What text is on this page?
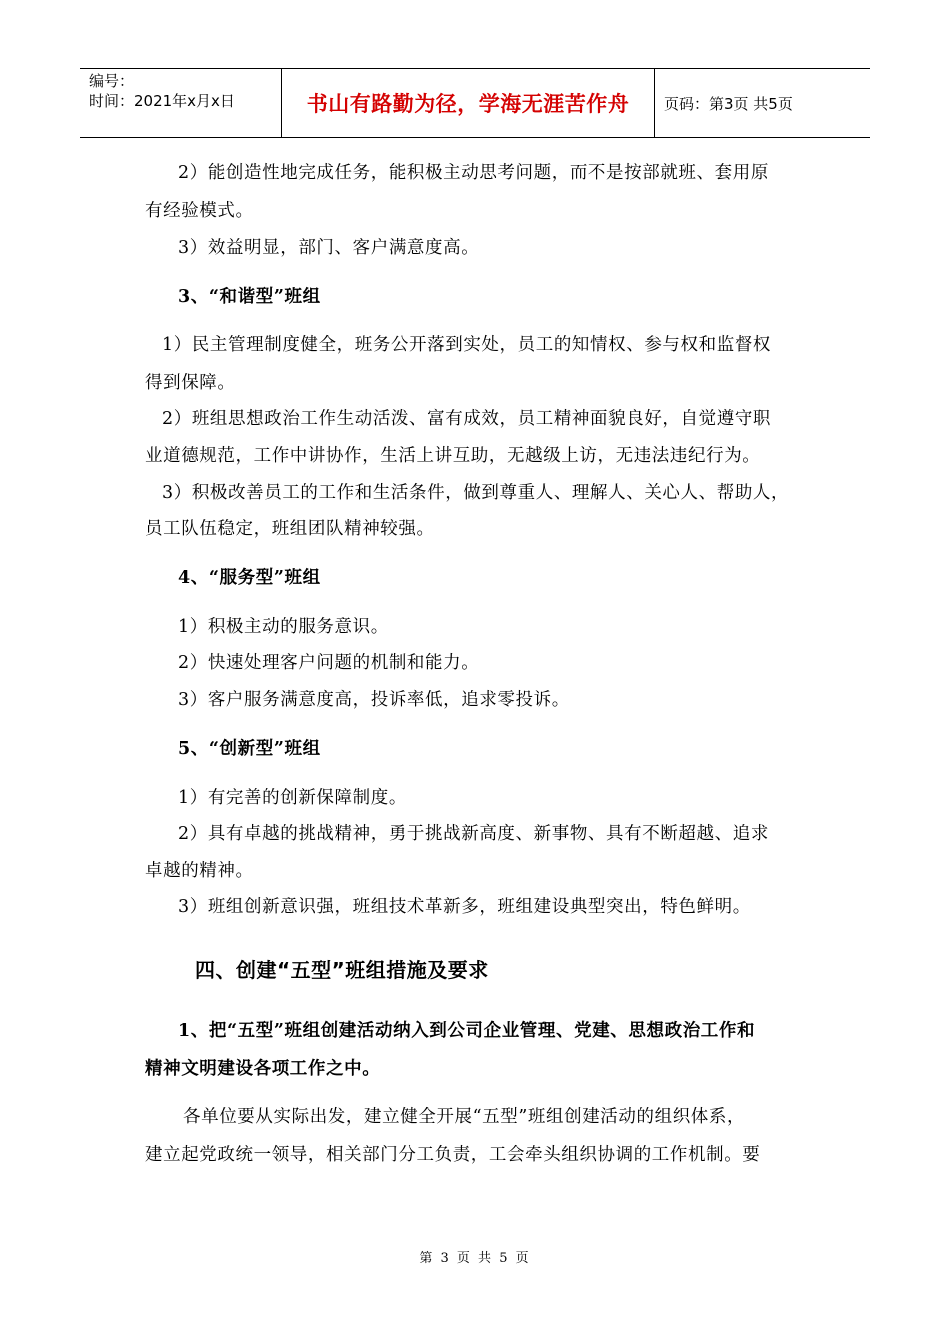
编号：
时间：2021年x月x日	书山有路勤为径，学海无涯苦作舟	页码：第3页 共5页
2）能创造性地完成任务，能积极主动思考问题，而不是按部就班、套用原
有经验模式。
3）效益明显，部门、客户满意度高。
3、“和谐型”班组
1）民主管理制度健全，班务公开落到实处，员工的知情权、参与权和监督权
得到保障。
2）班组思想政治工作生动活泼、富有成效，员工精神面貌良好，自觉遵守职
业道德规范，工作中讲协作，生活上讲互助，无越级上访，无违法违纪行为。
3）积极改善员工的工作和生活条件，做到尊重人、理解人、关心人、帮助人，
员工队伍稳定，班组团队精神较强。
4、“服务型”班组
1）积极主动的服务意识。
2）快速处理客户问题的机制和能力。
3）客户服务满意度高，投诉率低，追求零投诉。
5、“创新型”班组
1）有完善的创新保障制度。
2）具有卓越的挑战精神，勇于挑战新高度、新事物、具有不断超越、追求
卓越的精神。
3）班组创新意识强，班组技术革新多，班组建设典型突出，特色鲜明。
四、创建“五型”班组措施及要求
1、把“五型”班组创建活动纳入到公司企业管理、党建、思想政治工作和
精神文明建设各项工作之中。
各单位要从实际出发，建立健全开展“五型”班组创建活动的组织体系，
建立起党政统一领导，相关部门分工负责，工会牵头组织协调的工作机制。要
第 3 页 共 5 页
